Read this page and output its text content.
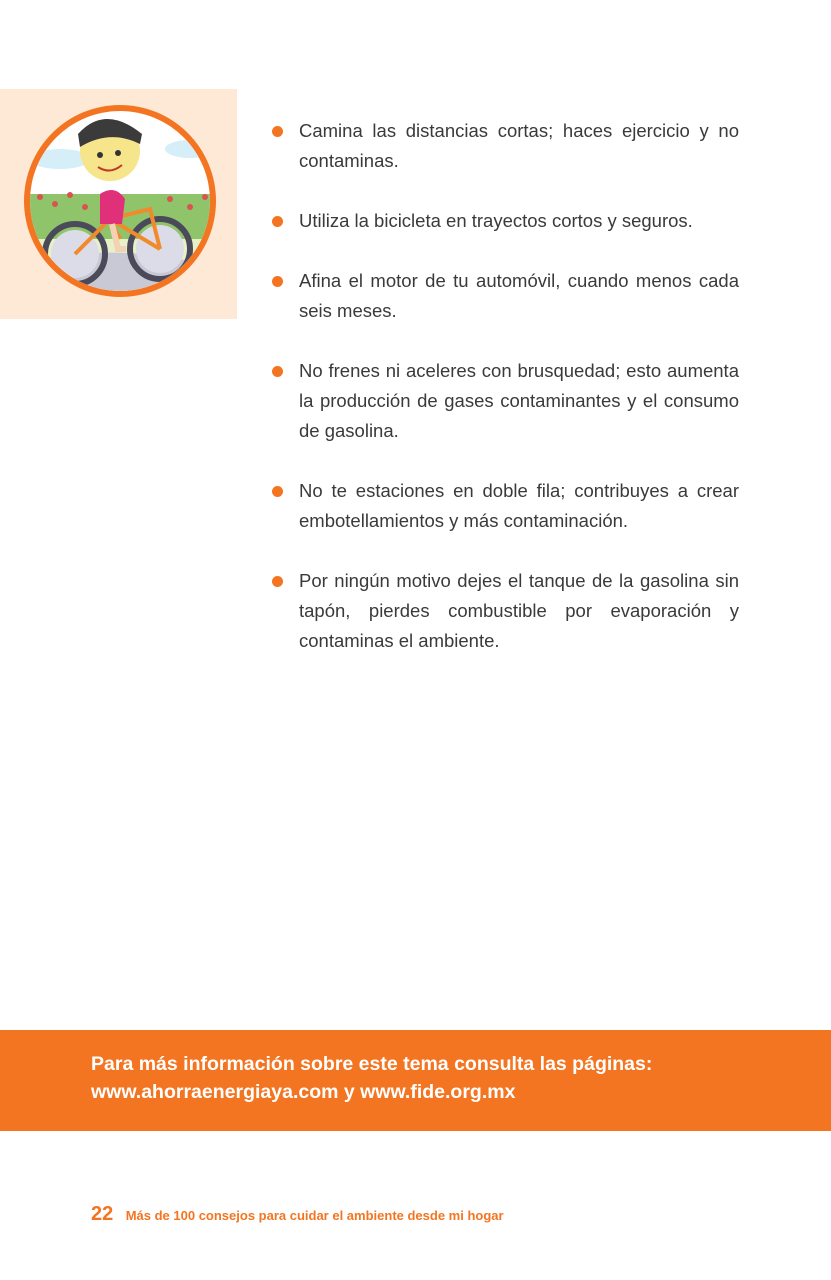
Camina las distancias cortas; haces ejercicio y no contaminas.
Utiliza la bicicleta en trayectos cortos y seguros.
Afina el motor de tu automóvil, cuando menos cada seis meses.
No frenes ni aceleres con brusquedad; esto aumenta la producción de gases contaminantes y el consumo de gasolina.
No te estaciones en doble fila; contribuyes a crear embotellamientos y más contaminación.
Por ningún motivo dejes el tanque de la gasolina sin tapón, pierdes combustible por evaporación y contaminas el ambiente.
Para más información sobre este tema consulta las páginas:
www.ahorraenergiaya.com y www.fide.org.mx
22 Más de 100 consejos para cuidar el ambiente desde mi hogar
